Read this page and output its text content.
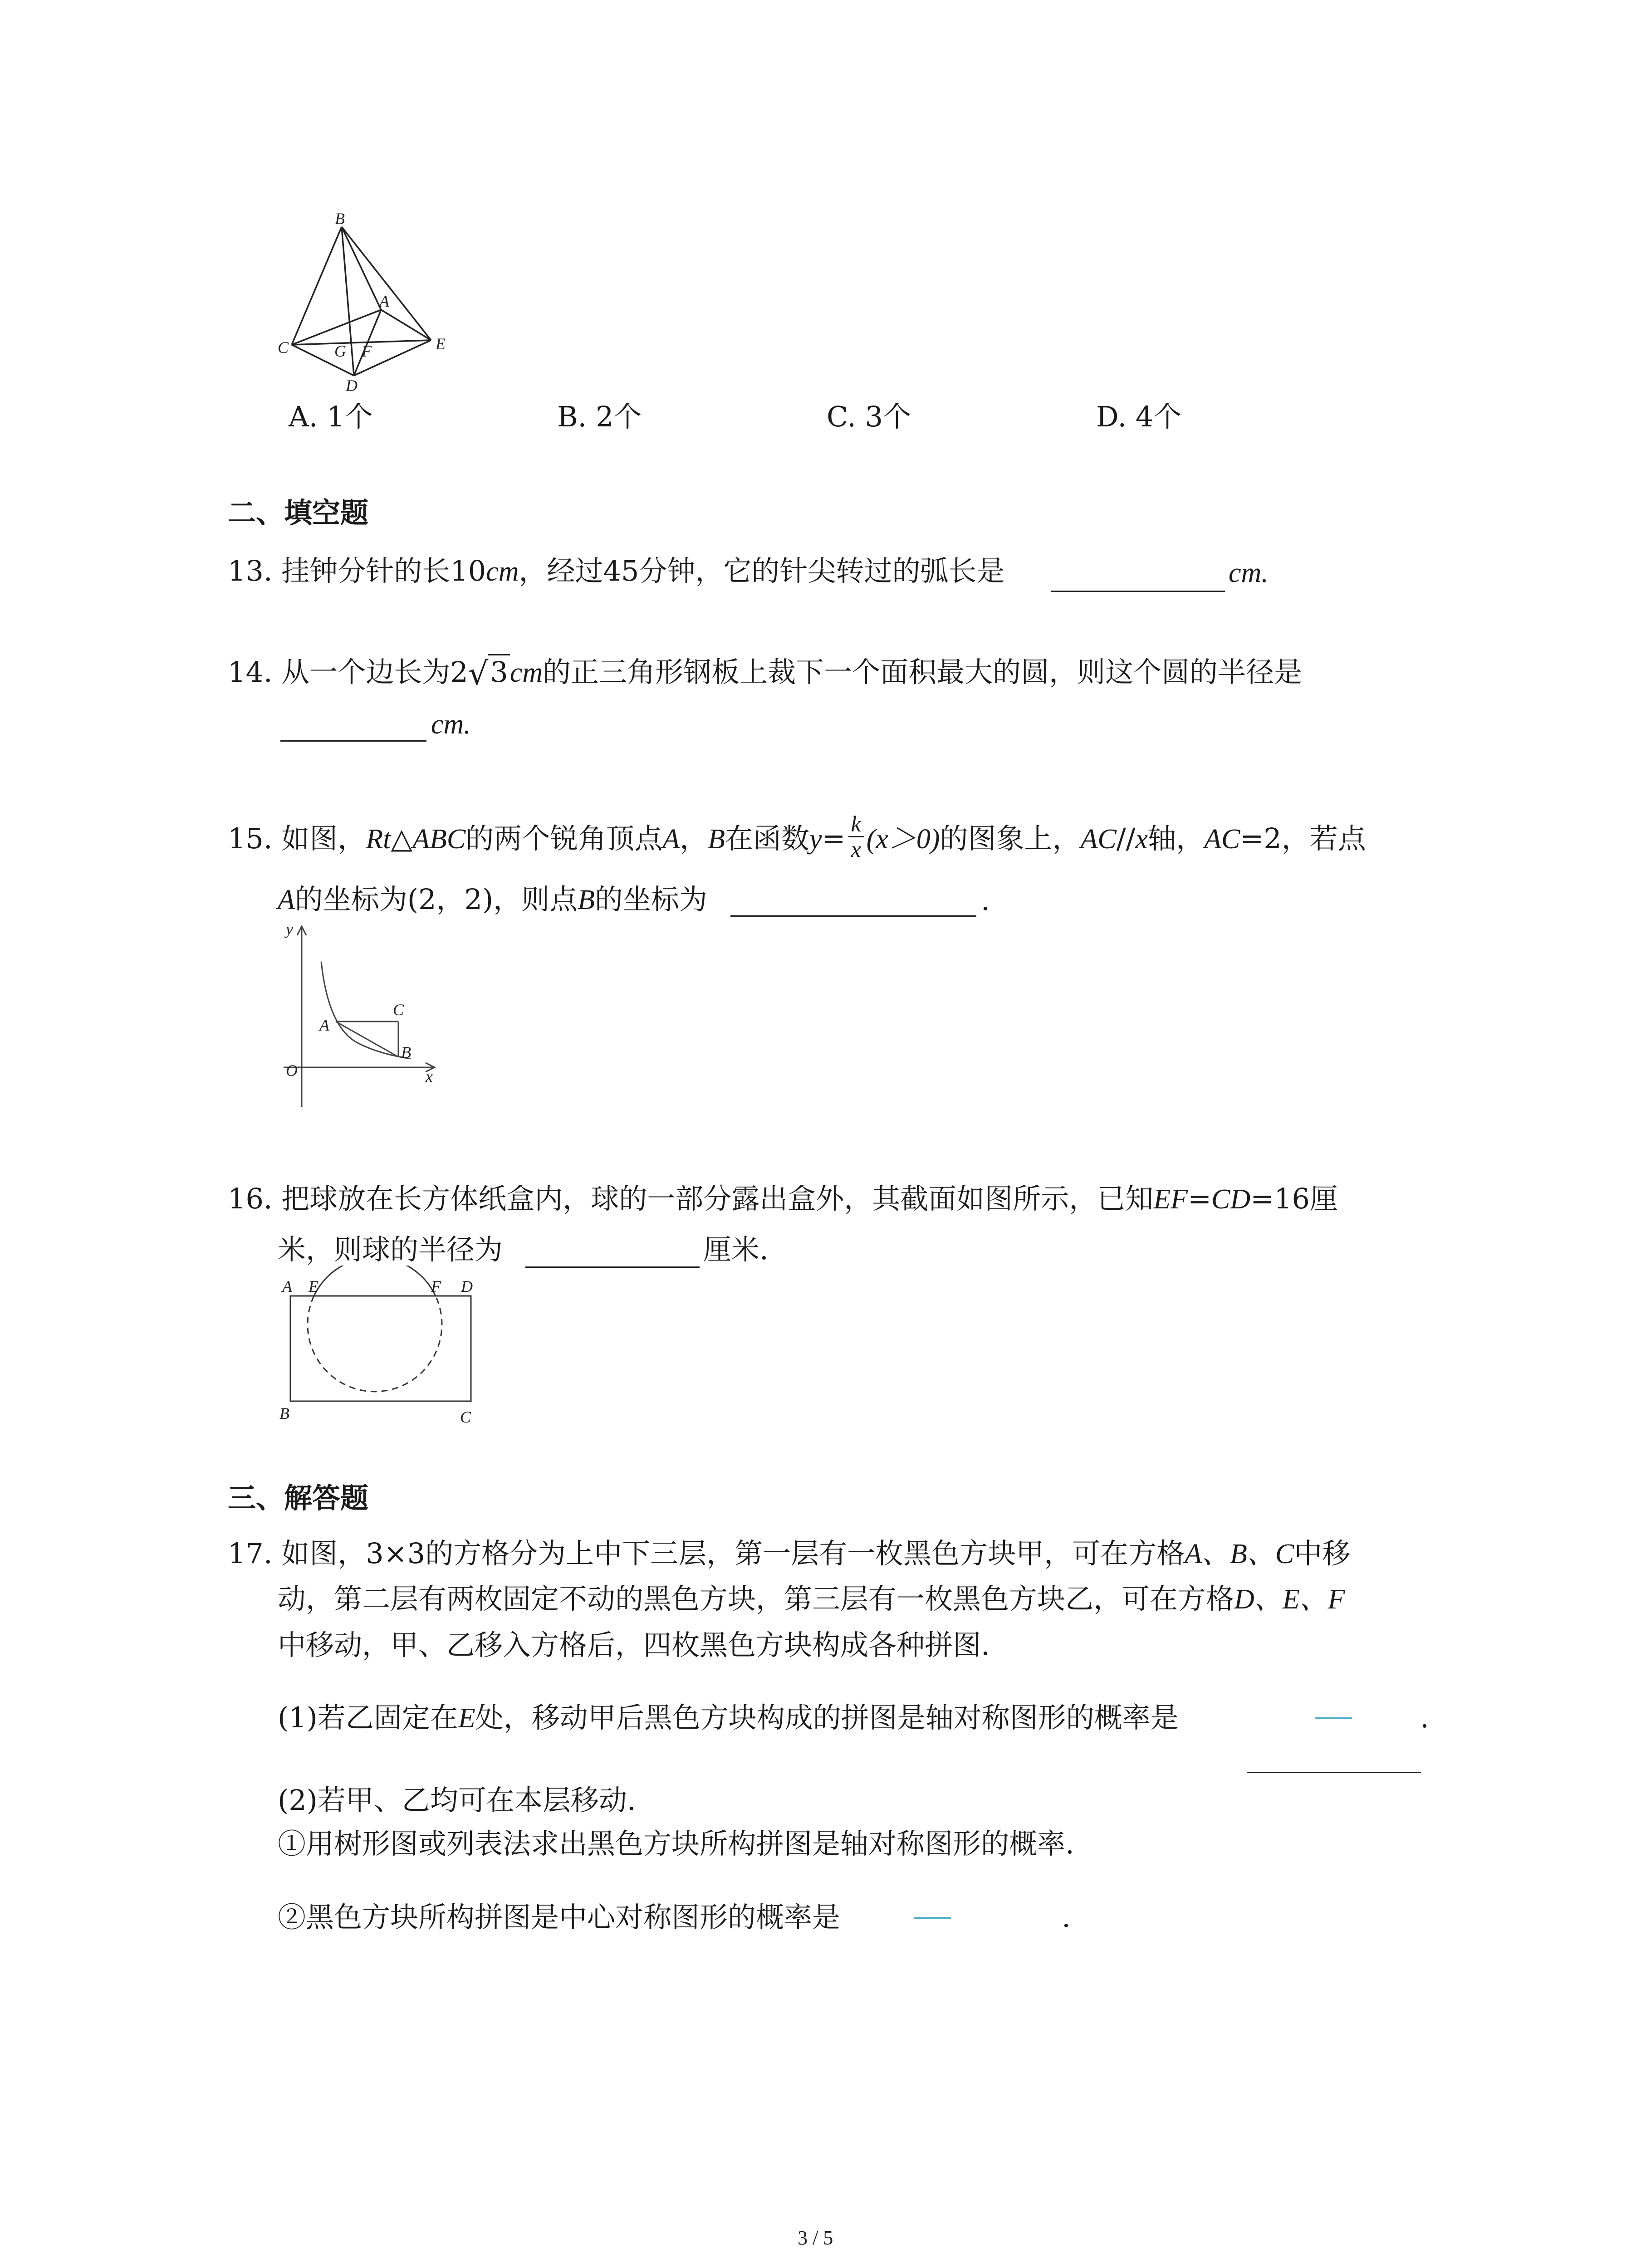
B
A
C	G F
D
E
A. 1个	B. 2个	C. 3个	D. 4个
二、填空题
13. 挂钟分针的长10cm，经过45分钟，它的针尖转过的弧长是	cm.
14. 从一个边长为2√3cm的正三角形钢板上裁下一个面积最大的圆，则这个圆的半径是
cm.
15. 如图，Rt△ABC的两个锐角顶点A，B在函数$y= \frac{k}{x} (x>0)$的图象上，AC//x轴，AC=2，若点
A的坐标为(2，2)，则点B的坐标为	.
y
C
A
B
O	x
16. 把球放在长方体纸盒内，球的一部分露出盒外，其截面如图所示，已知EF=CD=16厘
米，则球的半径为	厘米.
A E	F D
B	C
三、解答题
17. 如图，3×3的方格分为上中下三层，第一层有一枚黑色方块甲，可在方格A、B、C中移
动，第二层有两枚固定不动的黑色方块，第三层有一枚黑色方块乙，可在方格D、E、F
中移动，甲、乙移入方格后，四枚黑色方块构成各种拼图.
(1)若乙固定在E处，移动甲后黑色方块构成的拼图是轴对称图形的概率是	.
(2)若甲、乙均可在本层移动.
①用树形图或列表法求出黑色方块所构拼图是轴对称图形的概率.
②黑色方块所构拼图是中心对称图形的概率是	.
3 / 5
